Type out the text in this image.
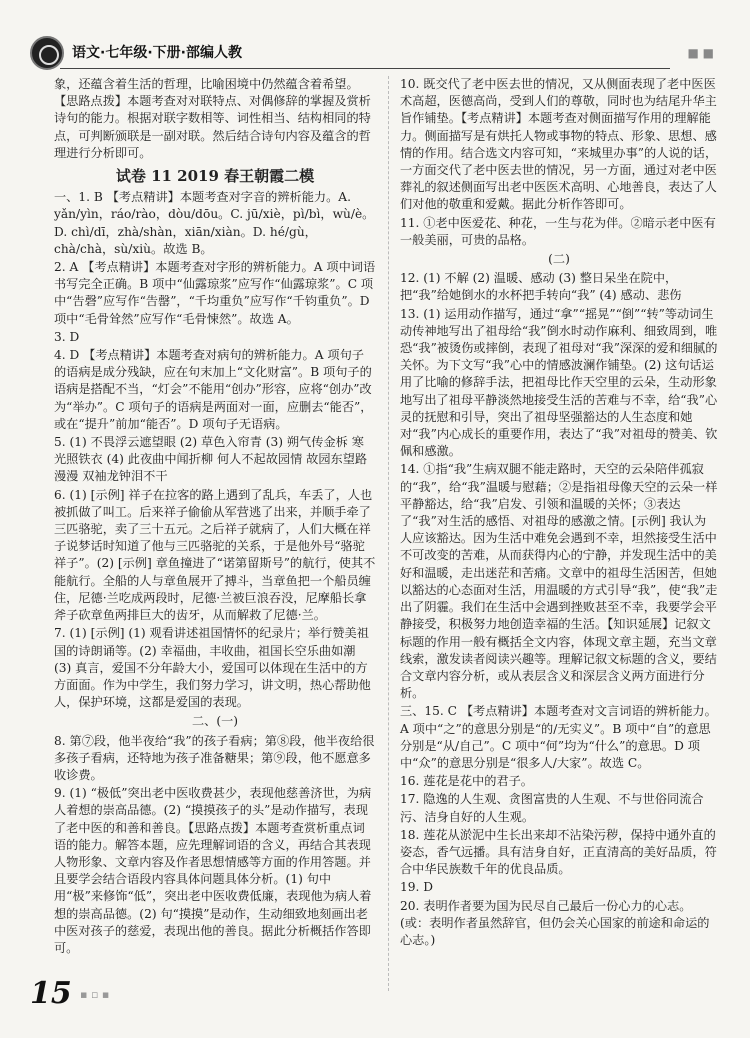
语文·七年级·下册·部编人教	■ ■

象，还蕴含着生活的哲理，比喻困境中仍然蕴含着希望。【思路点拨】本题考查对对联特点、对偶修辞的掌握及赏析诗句的能力。根据对联字数相等、词性相当、结构相同的特点，可判断颁联是一副对联。然后结合诗句内容及蕴含的哲理进行分析即可。

试卷 11 2019 春王朝霞二模

一、1. B 【考点精讲】本题考查对字音的辨析能力。A. yǎn/yìn，ráo/rào，dòu/dōu。C. jū/xiè，pì/bì，wù/è。D. chì/dī，zhà/shàn，xiān/xiàn。D. hé/gù，chà/chà，sù/xiù。故选 B。

2. A 【考点精讲】本题考查对字形的辨析能力。A 项中词语书写完全正确。B 项中“仙露琼浆”应写作“仙露琼浆”。C 项中“告磬”应写作“告罄”，“千均重负”应写作“千钧重负”。D 项中“毛骨耸然”应写作“毛骨悚然”。故选 A。

3. D

4. D 【考点精讲】本题考查对病句的辨析能力。A 项句子的语病是成分残缺，应在句末加上“文化财富”。B 项句子的语病是搭配不当，“灯会”不能用“创办”形容，应将“创办”改为“举办”。C 项句子的语病是两面对一面，应删去“能否”，或在“提升”前加“能否”。D 项句子无语病。

5. (1) 不畏浮云遮望眼 (2) 草色入帘青 (3) 朔气传金柝 寒光照铁衣 (4) 此夜曲中闻折柳 何人不起故园情 故园东望路漫漫 双袖龙钟泪不干

6. (1) [示例] 祥子在拉客的路上遇到了乱兵，车丢了，人也被抓做了叫工。后来祥子偷偷从军营逃了出来，并顺手牵了三匹骆驼，卖了三十五元。之后祥子就病了，人们大概在祥子说梦话时知道了他与三匹骆驼的关系，于是他外号“骆驼祥子”。(2) [示例] 章鱼撞进了“诺第留斯号”的航行，使其不能航行。全船的人与章鱼展开了搏斗，当章鱼把一个船员缠住，尼德·兰吃成两段时，尼德·兰被巨浪吞没，尼摩船长拿斧子砍章鱼两排巨大的齿牙，从而解救了尼德·兰。

7. (1) [示例] (1) 观看讲述祖国情怀的纪录片；举行赞美祖国的诗朗诵等。(2) 幸福曲，丰收曲，祖国长空乐曲如潮 (3) 真言，爱国不分年龄大小，爱国可以体现在生活中的方方面面。作为中学生，我们努力学习，讲文明，热心帮助他人，保护环境，这都是爱国的表现。

二、(一)

8. 第⑦段，他半夜给“我”的孩子看病；第⑧段，他半夜给很多孩子看病，还特地为孩子准备糖果；第⑨段，他不愿意多收诊费。

9. (1) “极低”突出老中医收费甚少，表现他慈善济世，为病人着想的崇高品德。(2) “摸摸孩子的头”是动作描写，表现了老中医的和善和善良。【思路点拨】本题考查赏析重点词语的能力。解答本题，应先理解词语的含义，再结合其表现人物形象、文章内容及作者思想情感等方面的作用答题。并且要学会结合语段内容具体问题具体分析。(1) 句中用“极”来修饰“低”，突出老中医收费低廉，表现他为病人着想的崇高品德。(2) 句“摸摸”是动作，生动细致地刻画出老中医对孩子的慈爱，表现出他的善良。据此分析概括作答即可。

10. 既交代了老中医去世的情况，又从侧面表现了老中医医术高超，医德高尚，受到人们的尊敬，同时也为结尾升华主旨作铺垫。【考点精讲】本题考查对侧面描写作用的理解能力。侧面描写是有烘托人物或事物的特点、形象、思想、感情的作用。结合选文内容可知，“来城里办事”的人说的话，一方面交代了老中医去世的情况，另一方面，通过对老中医葬礼的叙述侧面写出老中医医术高明、心地善良，表达了人们对他的敬重和爱戴。据此分析作答即可。

11. ①老中医爱花、种花，一生与花为伴。②暗示老中医有一般美丽，可贵的品格。

(二)

12. (1) 不解 (2) 温暖、感动 (3) 整日呆坐在院中，把“我”给她倒水的水杯把手转向“我” (4) 感动、悲伤

13. (1) 运用动作描写，通过“拿”“摇晃”“倒”“转”等动词生动传神地写出了祖母给“我”倒水时动作麻利、细致周到，唯恐“我”被烫伤或摔倒，表现了祖母对“我”深深的爱和细腻的关怀。为下文写“我”心中的情感波澜作铺垫。(2) 这句话运用了比喻的修辞手法，把祖母比作天空里的云朵，生动形象地写出了祖母平静淡然地接受生活的苦难与不幸，给“我”心灵的抚慰和引导，突出了祖母坚强豁达的人生态度和她对“我”内心成长的重要作用，表达了“我”对祖母的赞美、钦佩和感激。

14. ①指“我”生病双腿不能走路时，天空的云朵陪伴孤寂的“我”，给“我”温暖与慰藉；②是指祖母像天空的云朵一样平静豁达，给“我”启发、引领和温暖的关怀；③表达了“我”对生活的感悟、对祖母的感激之情。[示例] 我认为人应该豁达。因为生活中难免会遇到不幸，坦然接受生活中不可改变的苦难，从而获得内心的宁静，并发现生活中的美好和温暖，走出迷茫和苦痛。文章中的祖母生活困苦，但她以豁达的心态面对生活，用温暖的方式引导“我”，使“我”走出了阴霾。我们在生活中会遇到挫败甚至不幸，我要学会平静接受，积极努力地创造幸福的生活。【知识延展】记叙文标题的作用一般有概括全文内容，体现文章主题，充当文章线索，激发读者阅读兴趣等。理解记叙文标题的含义，要结合文章内容分析，或从表层含义和深层含义两方面进行分析。

三、15. C 【考点精讲】本题考查对文言词语的辨析能力。A 项中“之”的意思分别是“的/无实义”。B 项中“自”的意思分别是“从/自己”。C 项中“何”均为“什么”的意思。D 项中“众”的意思分别是“很多人/大家”。故选 C。

16. 莲花是花中的君子。

17. 隐逸的人生观、贪图富贵的人生观、不与世俗同流合污、洁身自好的人生观。

18. 莲花从淤泥中生长出来却不沾染污秽，保持中通外直的姿态，香气远播。具有洁身自好，正直清高的美好品质，符合中华民族数千年的优良品质。

19. D

20. 表明作者要为国为民尽自己最后一份心力的心志。(或：表明作者虽然辞官，但仍会关心国家的前途和命运的心志。)

15 ▪ ▫ ▪
